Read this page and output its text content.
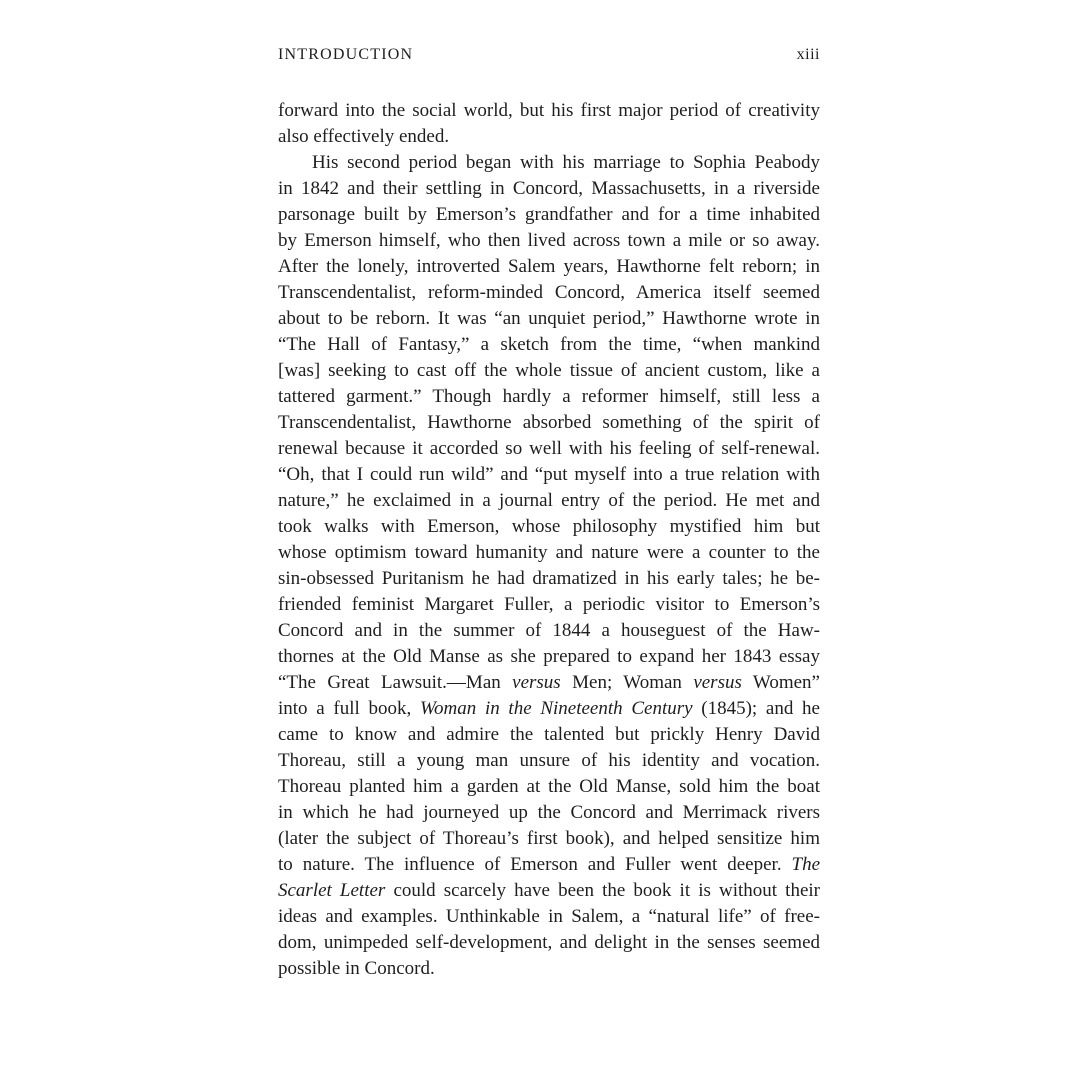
INTRODUCTION	xiii
forward into the social world, but his first major period of creativity
also effectively ended.
His second period began with his marriage to Sophia Peabody
in 1842 and their settling in Concord, Massachusetts, in a riverside
parsonage built by Emerson’s grandfather and for a time inhabited
by Emerson himself, who then lived across town a mile or so away.
After the lonely, introverted Salem years, Hawthorne felt reborn; in
Transcendentalist, reform-minded Concord, America itself seemed
about to be reborn. It was “an unquiet period,” Hawthorne wrote in
“The Hall of Fantasy,” a sketch from the time, “when mankind
[was] seeking to cast off the whole tissue of ancient custom, like a
tattered garment.” Though hardly a reformer himself, still less a
Transcendentalist, Hawthorne absorbed something of the spirit of
renewal because it accorded so well with his feeling of self-renewal.
“Oh, that I could run wild” and “put myself into a true relation with
nature,” he exclaimed in a journal entry of the period. He met and
took walks with Emerson, whose philosophy mystified him but
whose optimism toward humanity and nature were a counter to the
sin-obsessed Puritanism he had dramatized in his early tales; he be-
friended feminist Margaret Fuller, a periodic visitor to Emerson’s
Concord and in the summer of 1844 a houseguest of the Haw-
thornes at the Old Manse as she prepared to expand her 1843 essay
“The Great Lawsuit.—Man versus Men; Woman versus Women”
into a full book, Woman in the Nineteenth Century (1845); and he
came to know and admire the talented but prickly Henry David
Thoreau, still a young man unsure of his identity and vocation.
Thoreau planted him a garden at the Old Manse, sold him the boat
in which he had journeyed up the Concord and Merrimack rivers
(later the subject of Thoreau’s first book), and helped sensitize him
to nature. The influence of Emerson and Fuller went deeper. The
Scarlet Letter could scarcely have been the book it is without their
ideas and examples. Unthinkable in Salem, a “natural life” of free-
dom, unimpeded self-development, and delight in the senses seemed
possible in Concord.
